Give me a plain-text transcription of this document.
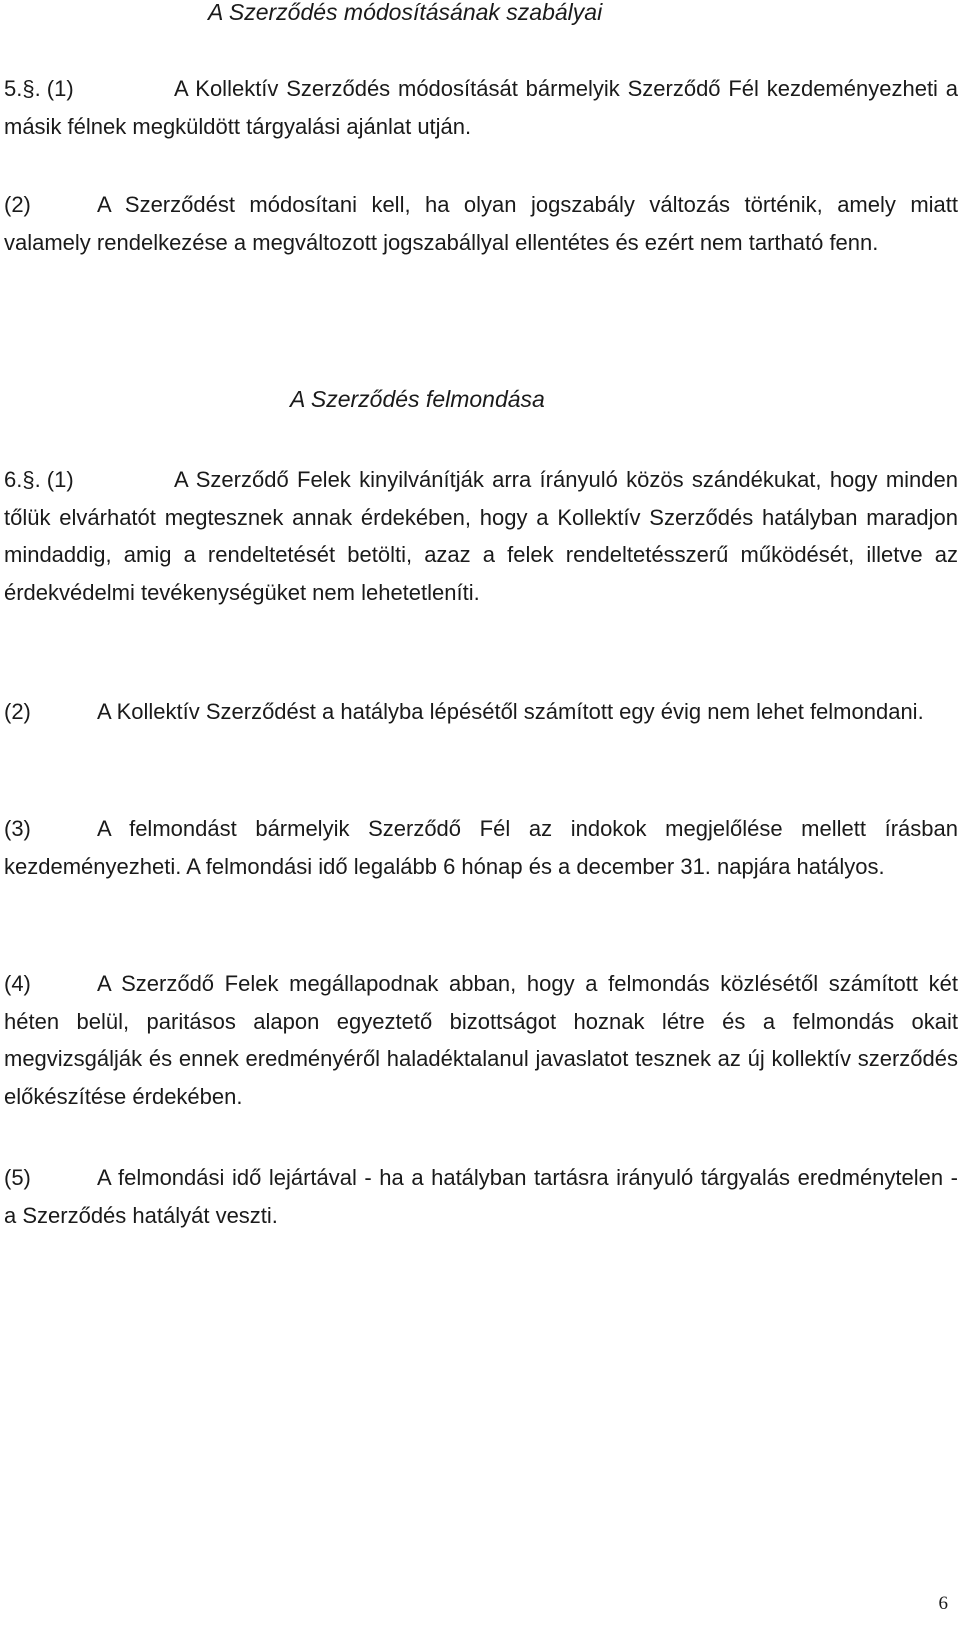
A Szerződés módosításának szabályai

5.§. (1)	A Kollektív Szerződés módosítását bármelyik Szerződő Fél kezdeményezheti a másik félnek megküldött tárgyalási ajánlat utján.

(2)	A Szerződést módosítani kell, ha olyan jogszabály változás történik, amely miatt valamely rendelkezése a megváltozott jogszabállyal ellentétes és ezért nem tartható fenn.

A Szerződés felmondása

6.§. (1)	A Szerződő Felek kinyilvánítják arra írányuló közös szándékukat, hogy minden tőlük elvárhatót megtesznek annak érdekében, hogy a Kollektív Szerződés hatályban maradjon mindaddig, amig a rendeltetését betölti, azaz a felek rendeltetésszerű működését, illetve az érdekvédelmi tevékenységüket nem lehetetleníti.

(2)	A Kollektív Szerződést a hatályba lépésétől számított egy évig nem lehet felmondani.

(3)	A felmondást bármelyik Szerződő Fél az indokok megjelőlése mellett írásban kezdeményezheti. A felmondási idő legalább 6 hónap és a december 31. napjára hatályos.

(4)	A Szerződő Felek megállapodnak abban, hogy a felmondás közlésétől számított két héten belül, paritásos alapon egyeztető bizottságot hoznak létre és a felmondás okait megvizsgálják és ennek eredményéről haladéktalanul javaslatot tesznek az új kollektív szerződés előkészítése érdekében.

(5)	A felmondási idő lejártával - ha a hatályban tartásra irányuló tárgyalás eredménytelen - a Szerződés hatályát veszti.

6
